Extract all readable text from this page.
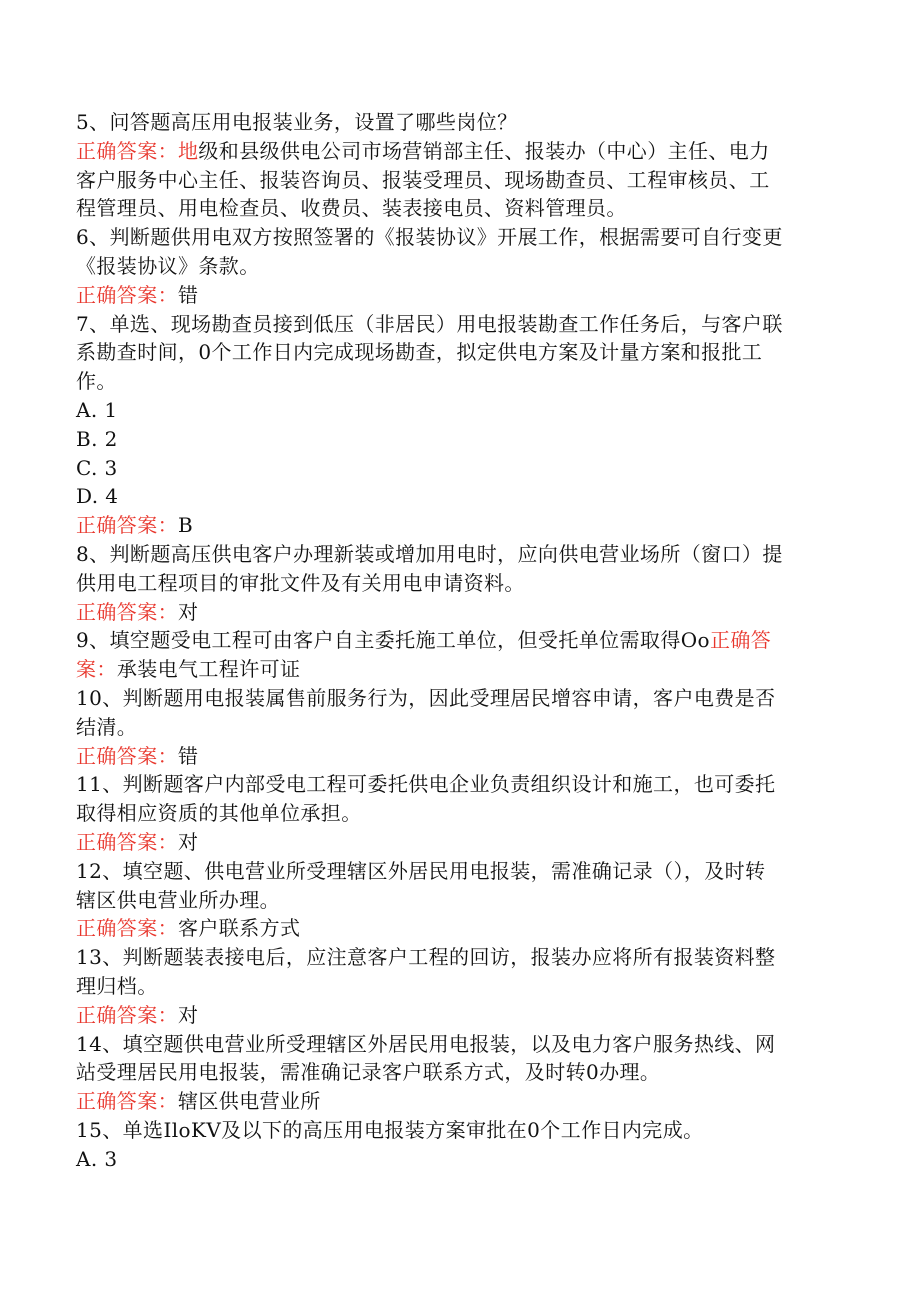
5、问答题高压用电报装业务，设置了哪些岗位？
正确答案：地级和县级供电公司市场营销部主任、报装办（中心）主任、电力
客户服务中心主任、报装咨询员、报装受理员、现场勘查员、工程审核员、工
程管理员、用电检查员、收费员、装表接电员、资料管理员。
6、判断题供用电双方按照签署的《报装协议》开展工作，根据需要可自行变更
《报装协议》条款。
正确答案：错
7、单选、现场勘查员接到低压（非居民）用电报装勘查工作任务后，与客户联
系勘查时间，0个工作日内完成现场勘查，拟定供电方案及计量方案和报批工
作。
A. 1
B. 2
C. 3
D. 4
正确答案：B
8、判断题高压供电客户办理新装或增加用电时，应向供电营业场所（窗口）提
供用电工程项目的审批文件及有关用电申请资料。
正确答案：对
9、填空题受电工程可由客户自主委托施工单位，但受托单位需取得Oo正确答
案：承装电气工程许可证
10、判断题用电报装属售前服务行为，因此受理居民增容申请，客户电费是否
结清。
正确答案：错
11、判断题客户内部受电工程可委托供电企业负责组织设计和施工，也可委托
取得相应资质的其他单位承担。
正确答案：对
12、填空题、供电营业所受理辖区外居民用电报装，需准确记录（），及时转
辖区供电营业所办理。
正确答案：客户联系方式
13、判断题装表接电后，应注意客户工程的回访，报装办应将所有报装资料整
理归档。
正确答案：对
14、填空题供电营业所受理辖区外居民用电报装，以及电力客户服务热线、网
站受理居民用电报装，需准确记录客户联系方式，及时转0办理。
正确答案：辖区供电营业所
15、单选IloKV及以下的高压用电报装方案审批在0个工作日内完成。
A. 3
